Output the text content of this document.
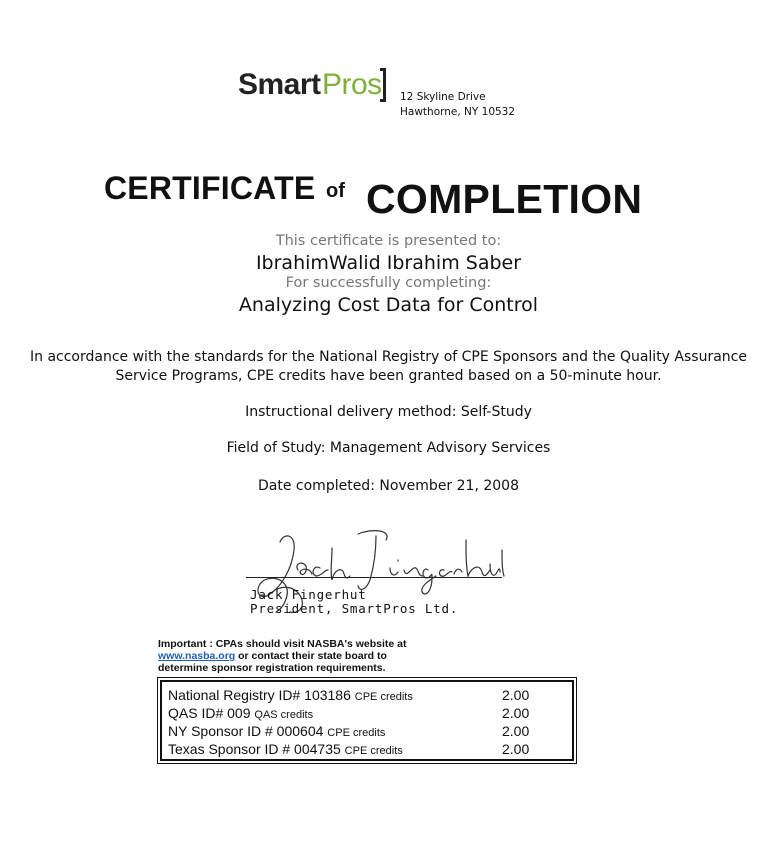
Smart Pros 12 Skyline Drive
Hawthorne, NY 10532
CERTIFICATE of COMPLETION
This certificate is presented to:
IbrahimWalid Ibrahim Saber
For successfully completing:
Analyzing Cost Data for Control
In accordance with the standards for the National Registry of CPE Sponsors and the Quality Assurance Service Programs, CPE credits have been granted based on a 50-minute hour.
Instructional delivery method: Self-Study
Field of Study: Management Advisory Services
Date completed: November 21, 2008
Jack Fingerhut
President, SmartPros Ltd.
Important : CPAs should visit NASBA's website at www.nasba.org or contact their state board to determine sponsor registration requirements.
National Registry ID# 103186 CPE credits	2.00
QAS ID# 009 QAS credits	2.00
NY Sponsor ID # 000604 CPE credits	2.00
Texas Sponsor ID # 004735 CPE credits	2.00
